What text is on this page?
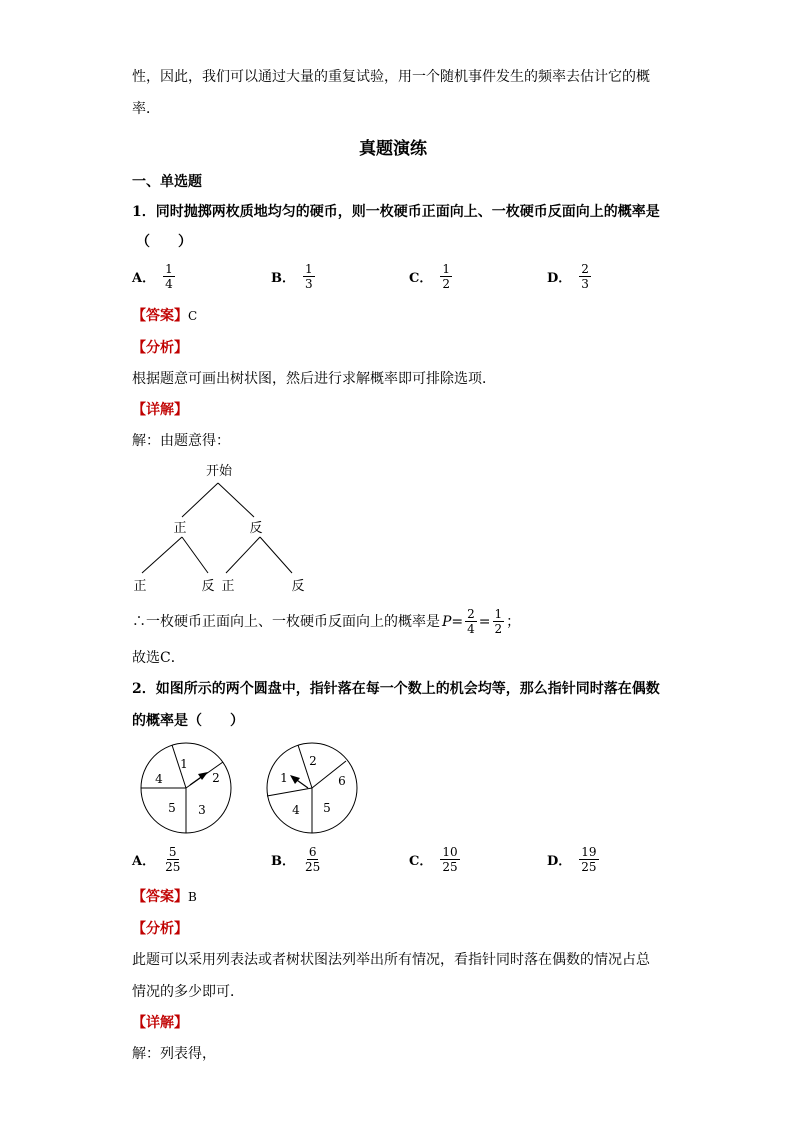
性，因此，我们可以通过大量的重复试验，用一个随机事件发生的频率去估计它的概
率．
真题演练
一、单选题
1．同时抛掷两枚质地均匀的硬币，则一枚硬币正面向上、一枚硬币反面向上的概率是
（　　）
A． $\frac{1}{4}$	B． $\frac{1}{3}$	C． $\frac{1}{2}$	D． $\frac{2}{3}$
【答案】C
【分析】
根据题意可画出树状图，然后进行求解概率即可排除选项．
【详解】
解：由题意得：
开始
正	反
正	反 正	反
∴一枚硬币正面向上、一枚硬币反面向上的概率是 $P = \frac{2}{4} = \frac{1}{2}$ ；
故选C．
2．如图所示的两个圆盘中，指针落在每一个数上的机会均等，那么指针同时落在偶数
的概率是（　　）
1
2
3
5
4
2
6
5
4
1
A． $\frac{5}{25}$	B． $\frac{6}{25}$	C． $\frac{10}{25}$	D． $\frac{19}{25}$
【答案】B
【分析】
此题可以采用列表法或者树状图法列举出所有情况，看指针同时落在偶数的情况占总
情况的多少即可．
【详解】
解：列表得，
